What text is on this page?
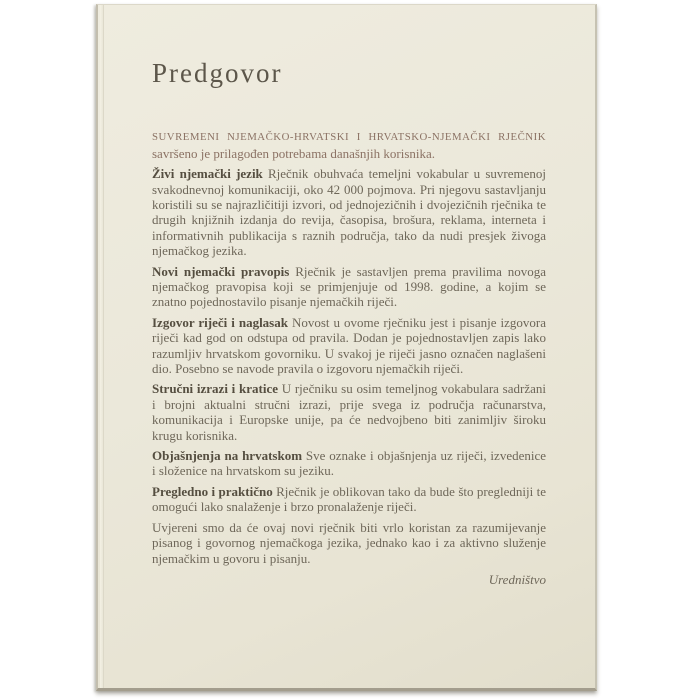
Predgovor

SUVREMENI NJEMAČKO-HRVATSKI I HRVATSKO-NJEMAČKI RJEČNIK savršeno je prilagođen potrebama današnjih korisnika.

Živi njemački jezik Rječnik obuhvaća temeljni vokabular u suvremenoj svakodnevnoj komunikaciji, oko 42 000 pojmova. Pri njegovu sastavljanju koristili su se najrazličitiji izvori, od jednojezičnih i dvojezičnih rječnika te drugih knjižnih izdanja do revija, časopisa, brošura, reklama, interneta i informativnih publikacija s raznih područja, tako da nudi presjek živoga njemačkog jezika.

Novi njemački pravopis Rječnik je sastavljen prema pravilima novoga njemačkog pravopisa koji se primjenjuje od 1998. godine, a kojim se znatno pojednostavilo pisanje njemačkih riječi.

Izgovor riječi i naglasak Novost u ovome rječniku jest i pisanje izgovora riječi kad god on odstupa od pravila. Dodan je pojednostavljen zapis lako razumljiv hrvatskom govorniku. U svakoj je riječi jasno označen naglašeni dio. Posebno se navode pravila o izgovoru njemačkih riječi.

Stručni izrazi i kratice U rječniku su osim temeljnog vokabulara sadržani i brojni aktualni stručni izrazi, prije svega iz područja računarstva, komunikacija i Europske unije, pa će nedvojbeno biti zanimljiv široku krugu korisnika.

Objašnjenja na hrvatskom Sve oznake i objašnjenja uz riječi, izvedenice i složenice na hrvatskom su jeziku.

Pregledno i praktično Rječnik je oblikovan tako da bude što pregledniji te omogući lako snalaženje i brzo pronalaženje riječi.

Uvjereni smo da će ovaj novi rječnik biti vrlo koristan za razumijevanje pisanog i govornog njemačkoga jezika, jednako kao i za aktivno služenje njemačkim u govoru i pisanju.

Uredništvo
